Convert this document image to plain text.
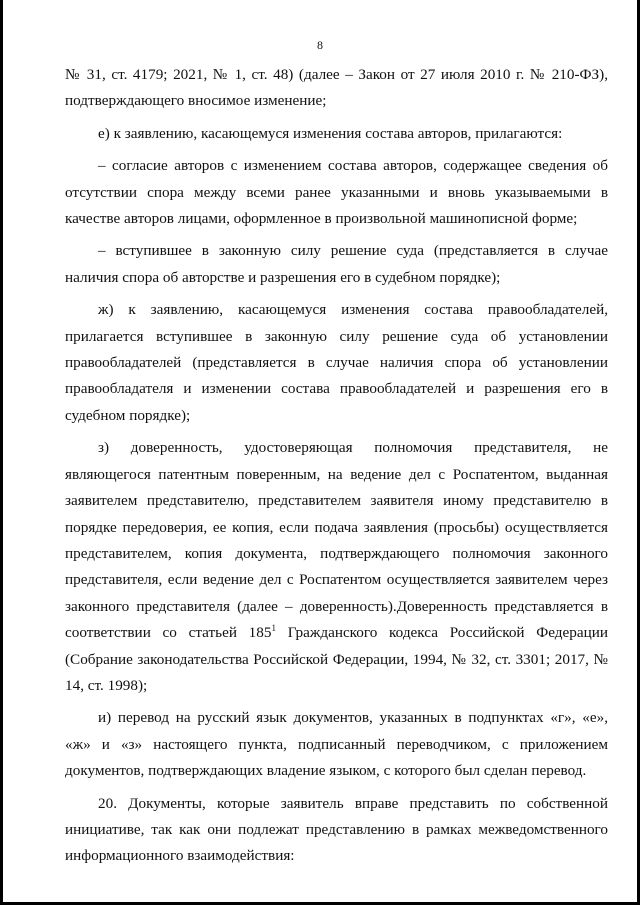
8

№ 31, ст. 4179; 2021, № 1, ст. 48) (далее – Закон от 27 июля 2010 г. № 210-ФЗ), подтверждающего вносимое изменение;

е) к заявлению, касающемуся изменения состава авторов, прилагаются:

– согласие авторов с изменением состава авторов, содержащее сведения об отсутствии спора между всеми ранее указанными и вновь указываемыми в качестве авторов лицами, оформленное в произвольной машинописной форме;

– вступившее в законную силу решение суда (представляется в случае наличия спора об авторстве и разрешения его в судебном порядке);

ж) к заявлению, касающемуся изменения состава правообладателей, прилагается вступившее в законную силу решение суда об установлении правообладателей (представляется в случае наличия спора об установлении правообладателя и изменении состава правообладателей и разрешения его в судебном порядке);

з) доверенность, удостоверяющая полномочия представителя, не являющегося патентным поверенным, на ведение дел с Роспатентом, выданная заявителем представителю, представителем заявителя иному представителю в порядке передоверия, ее копия, если подача заявления (просьбы) осуществляется представителем, копия документа, подтверждающего полномочия законного представителя, если ведение дел с Роспатентом осуществляется заявителем через законного представителя (далее – доверенность).Доверенность представляется в соответствии со статьей $185^1$ Гражданского кодекса Российской Федерации (Собрание законодательства Российской Федерации, 1994, № 32, ст. 3301; 2017, № 14, ст. 1998);

и) перевод на русский язык документов, указанных в подпунктах «г», «е», «ж» и «з» настоящего пункта, подписанный переводчиком, с приложением документов, подтверждающих владение языком, с которого был сделан перевод.

20. Документы, которые заявитель вправе представить по собственной инициативе, так как они подлежат представлению в рамках межведомственного информационного взаимодействия:
